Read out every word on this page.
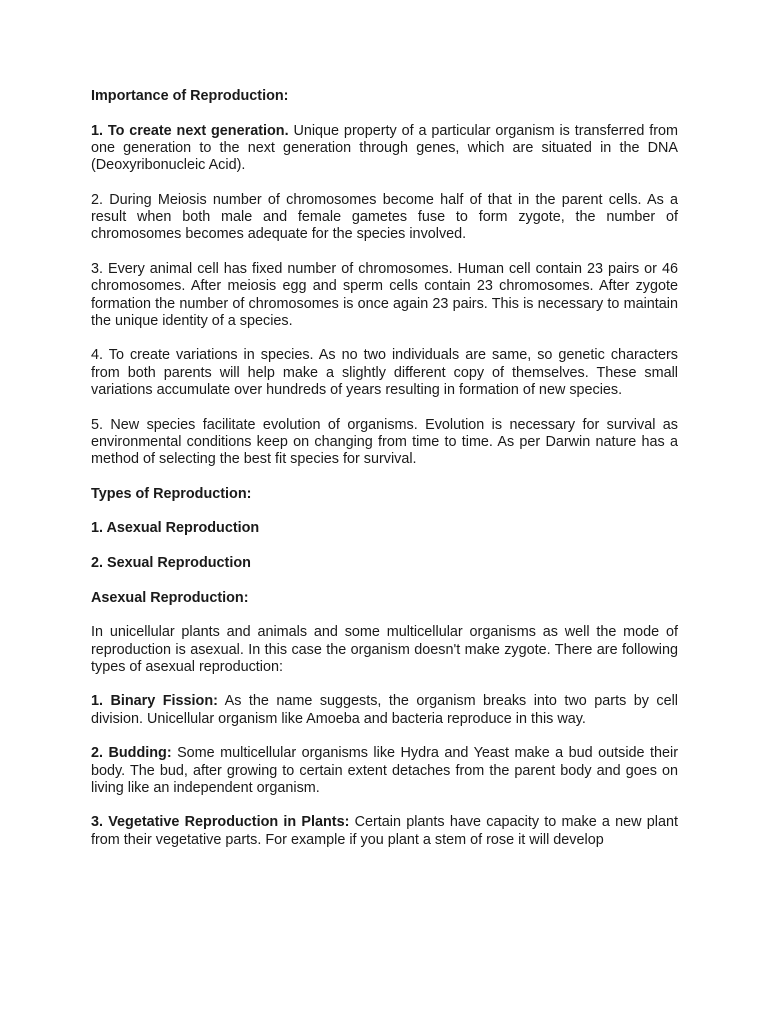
Importance of Reproduction:
1. To create next generation. Unique property of a particular organism is transferred from one generation to the next generation through genes, which are situated in the DNA (Deoxyribonucleic Acid).
2. During Meiosis number of chromosomes become half of that in the parent cells. As a result when both male and female gametes fuse to form zygote, the number of chromosomes becomes adequate for the species involved.
3. Every animal cell has fixed number of chromosomes. Human cell contain 23 pairs or 46 chromosomes. After meiosis egg and sperm cells contain 23 chromosomes. After zygote formation the number of chromosomes is once again 23 pairs. This is necessary to maintain the unique identity of a species.
4. To create variations in species. As no two individuals are same, so genetic characters from both parents will help make a slightly different copy of themselves. These small variations accumulate over hundreds of years resulting in formation of new species.
5. New species facilitate evolution of organisms. Evolution is necessary for survival as environmental conditions keep on changing from time to time. As per Darwin nature has a method of selecting the best fit species for survival.
Types of Reproduction:
1. Asexual Reproduction
2. Sexual Reproduction
Asexual Reproduction:
In unicellular plants and animals and some multicellular organisms as well the mode of reproduction is asexual. In this case the organism doesn't make zygote. There are following types of asexual reproduction:
1. Binary Fission: As the name suggests, the organism breaks into two parts by cell division. Unicellular organism like Amoeba and bacteria reproduce in this way.
2. Budding: Some multicellular organisms like Hydra and Yeast make a bud outside their body. The bud, after growing to certain extent detaches from the parent body and goes on living like an independent organism.
3. Vegetative Reproduction in Plants: Certain plants have capacity to make a new plant from their vegetative parts. For example if you plant a stem of rose it will develop
